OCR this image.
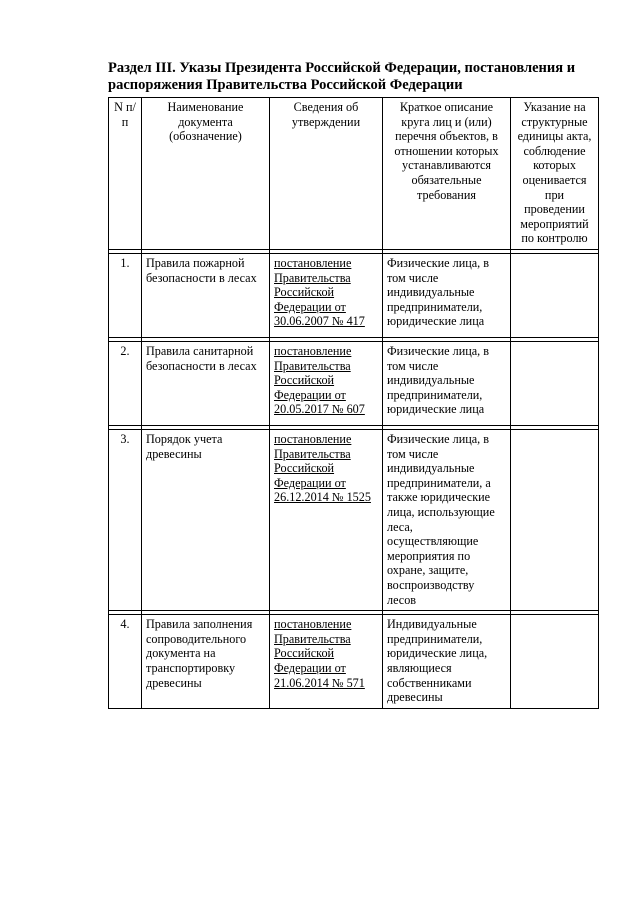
Раздел III. Указы Президента Российской Федерации, постановления и распоряжения Правительства Российской Федерации
N п/п	Наименование документа (обозначение)	Сведения об утверждении	Краткое описание круга лиц и (или) перечня объектов, в отношении которых устанавливаются обязательные требования	Указание на структурные единицы акта, соблюдение которых оценивается при проведении мероприятий по контролю

1.	Правила пожарной безопасности в лесах	постановление Правительства Российской Федерации от 30.06.2007 № 417	Физические лица, в том числе индивидуальные предприниматели, юридические лица	

2.	Правила санитарной безопасности в лесах	постановление Правительства Российской Федерации от 20.05.2017 № 607	Физические лица, в том числе индивидуальные предприниматели, юридические лица	

3.	Порядок учета древесины	постановление Правительства Российской Федерации от 26.12.2014 № 1525	Физические лица, в том числе индивидуальные предприниматели, а также юридические лица, использующие леса, осуществляющие мероприятия по охране, защите, воспроизводству лесов	

4.	Правила заполнения сопроводительного документа на транспортировку древесины	постановление Правительства Российской Федерации от 21.06.2014 № 571	Индивидуальные предприниматели, юридические лица, являющиеся собственниками древесины	
